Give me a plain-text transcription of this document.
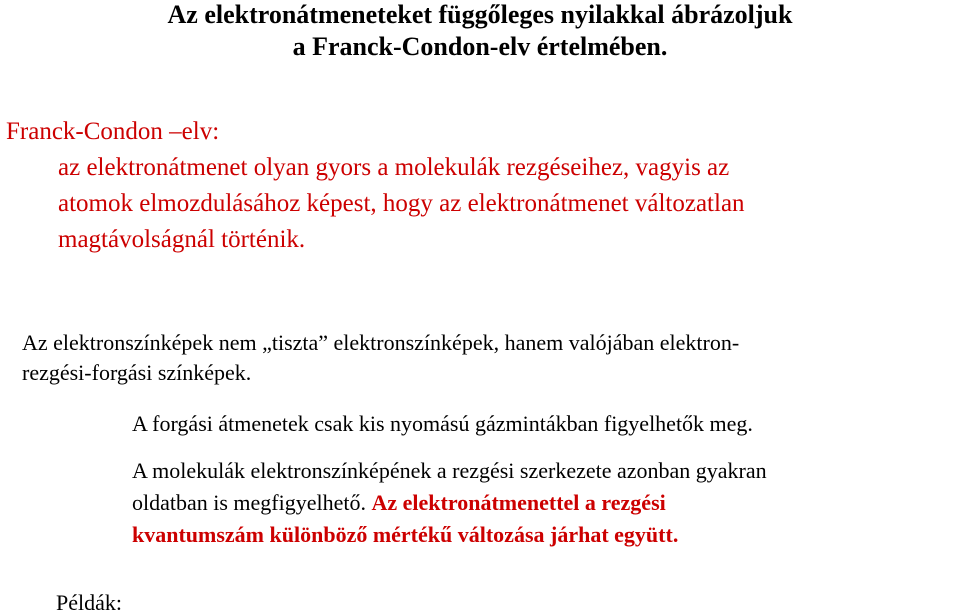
Az elektronátmeneteket függőleges nyilakkal ábrázoljuk

a Franck-Condon-elv értelmében.

Franck-Condon –elv:

az elektronátmenet olyan gyors a molekulák rezgéseihez, vagyis az

atomok elmozdulásához képest, hogy az elektronátmenet változatlan

magtávolságnál történik.

Az elektronszínképek nem „tiszta” elektronszínképek, hanem valójában elektron-

rezgési-forgási színképek.

A forgási átmenetek csak kis nyomású gázmintákban figyelhetők meg.

A molekulák elektronszínképének a rezgési szerkezete azonban gyakran

oldatban is megfigyelhető. Az elektronátmenettel a rezgési

kvantumszám különböző mértékű változása járhat együtt.

Példák:
